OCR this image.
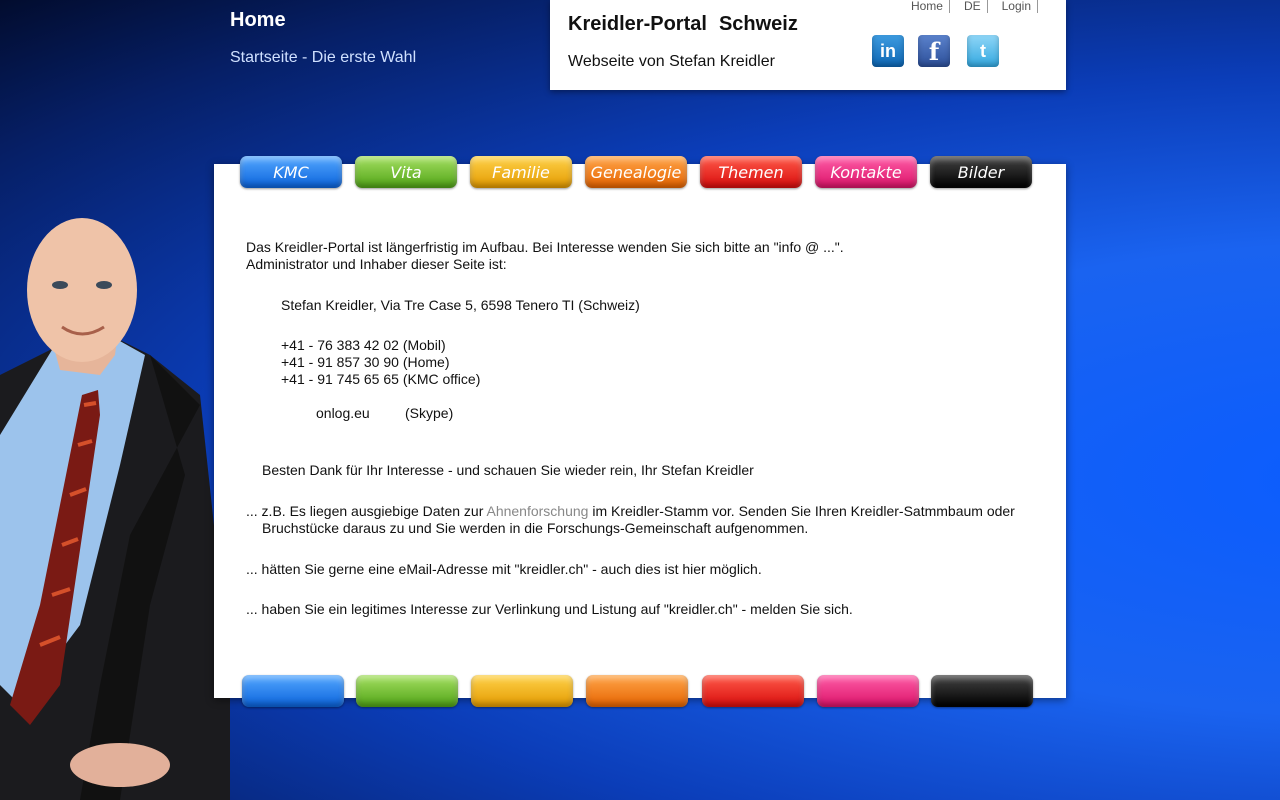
Home
Startseite - Die erste Wahl
Kreidler-Portal Schweiz
Webseite von Stefan Kreidler
Home	DE	Login
in f t
Das Kreidler-Portal ist längerfristig im Aufbau. Bei Interesse wenden Sie sich bitte an "info @ ...".
Administrator und Inhaber dieser Seite ist:
Stefan Kreidler, Via Tre Case 5, 6598 Tenero TI (Schweiz)
+41 - 76 383 42 02 (Mobil)
+41 - 91 857 30 90 (Home)
+41 - 91 745 65 65 (KMC office)
onlog.eu	(Skype)
Besten Dank für Ihr Interesse - und schauen Sie wieder rein, Ihr Stefan Kreidler
... z.B. Es liegen ausgiebige Daten zur Ahnenforschung im Kreidler-Stamm vor. Senden Sie Ihren Kreidler-Satmmbaum oder
Bruchstücke daraus zu und Sie werden in die Forschungs-Gemeinschaft aufgenommen.
... hätten Sie gerne eine eMail-Adresse mit "kreidler.ch" - auch dies ist hier möglich.
... haben Sie ein legitimes Interesse zur Verlinkung und Listung auf "kreidler.ch" - melden Sie sich.
KMC	Vita	Familie	Genealogie	Themen	Kontakte	Bilder
